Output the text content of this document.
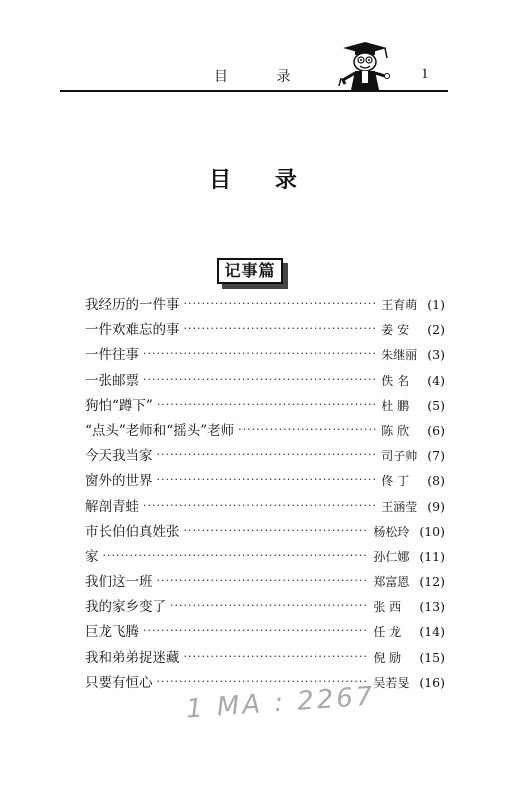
目 录	1
目 录
记事篇
我经历的一件事 ·····	王育萌 (1)
一件欢难忘的事 ·····	姜 安	(2)
一件往事 ·····	朱继丽 (3)
一张邮票 ·····	佚 名	(4)
狗怕“蹲下” ·····	杜 鹏	(5)
“点头”老师和“摇头”老师 ·····	陈 欣	(6)
今天我当家 ·····	司子帅 (7)
窗外的世界 ·····	佟 丁	(8)
解剖青蛙 ·····	王涵莹 (9)
市长伯伯真姓张 ·····	杨松玲 (10)
家 ·····	孙仁娜 (11)
我们这一班 ·····	郑富恩 (12)
我的家乡变了 ·····	张 西	(13)
巨龙飞腾 ·····	任 龙	(14)
我和弟弟捉迷藏 ·····	倪 励	(15)
只要有恒心 ·····	吴若旻 (16)
1 MA : 2267
